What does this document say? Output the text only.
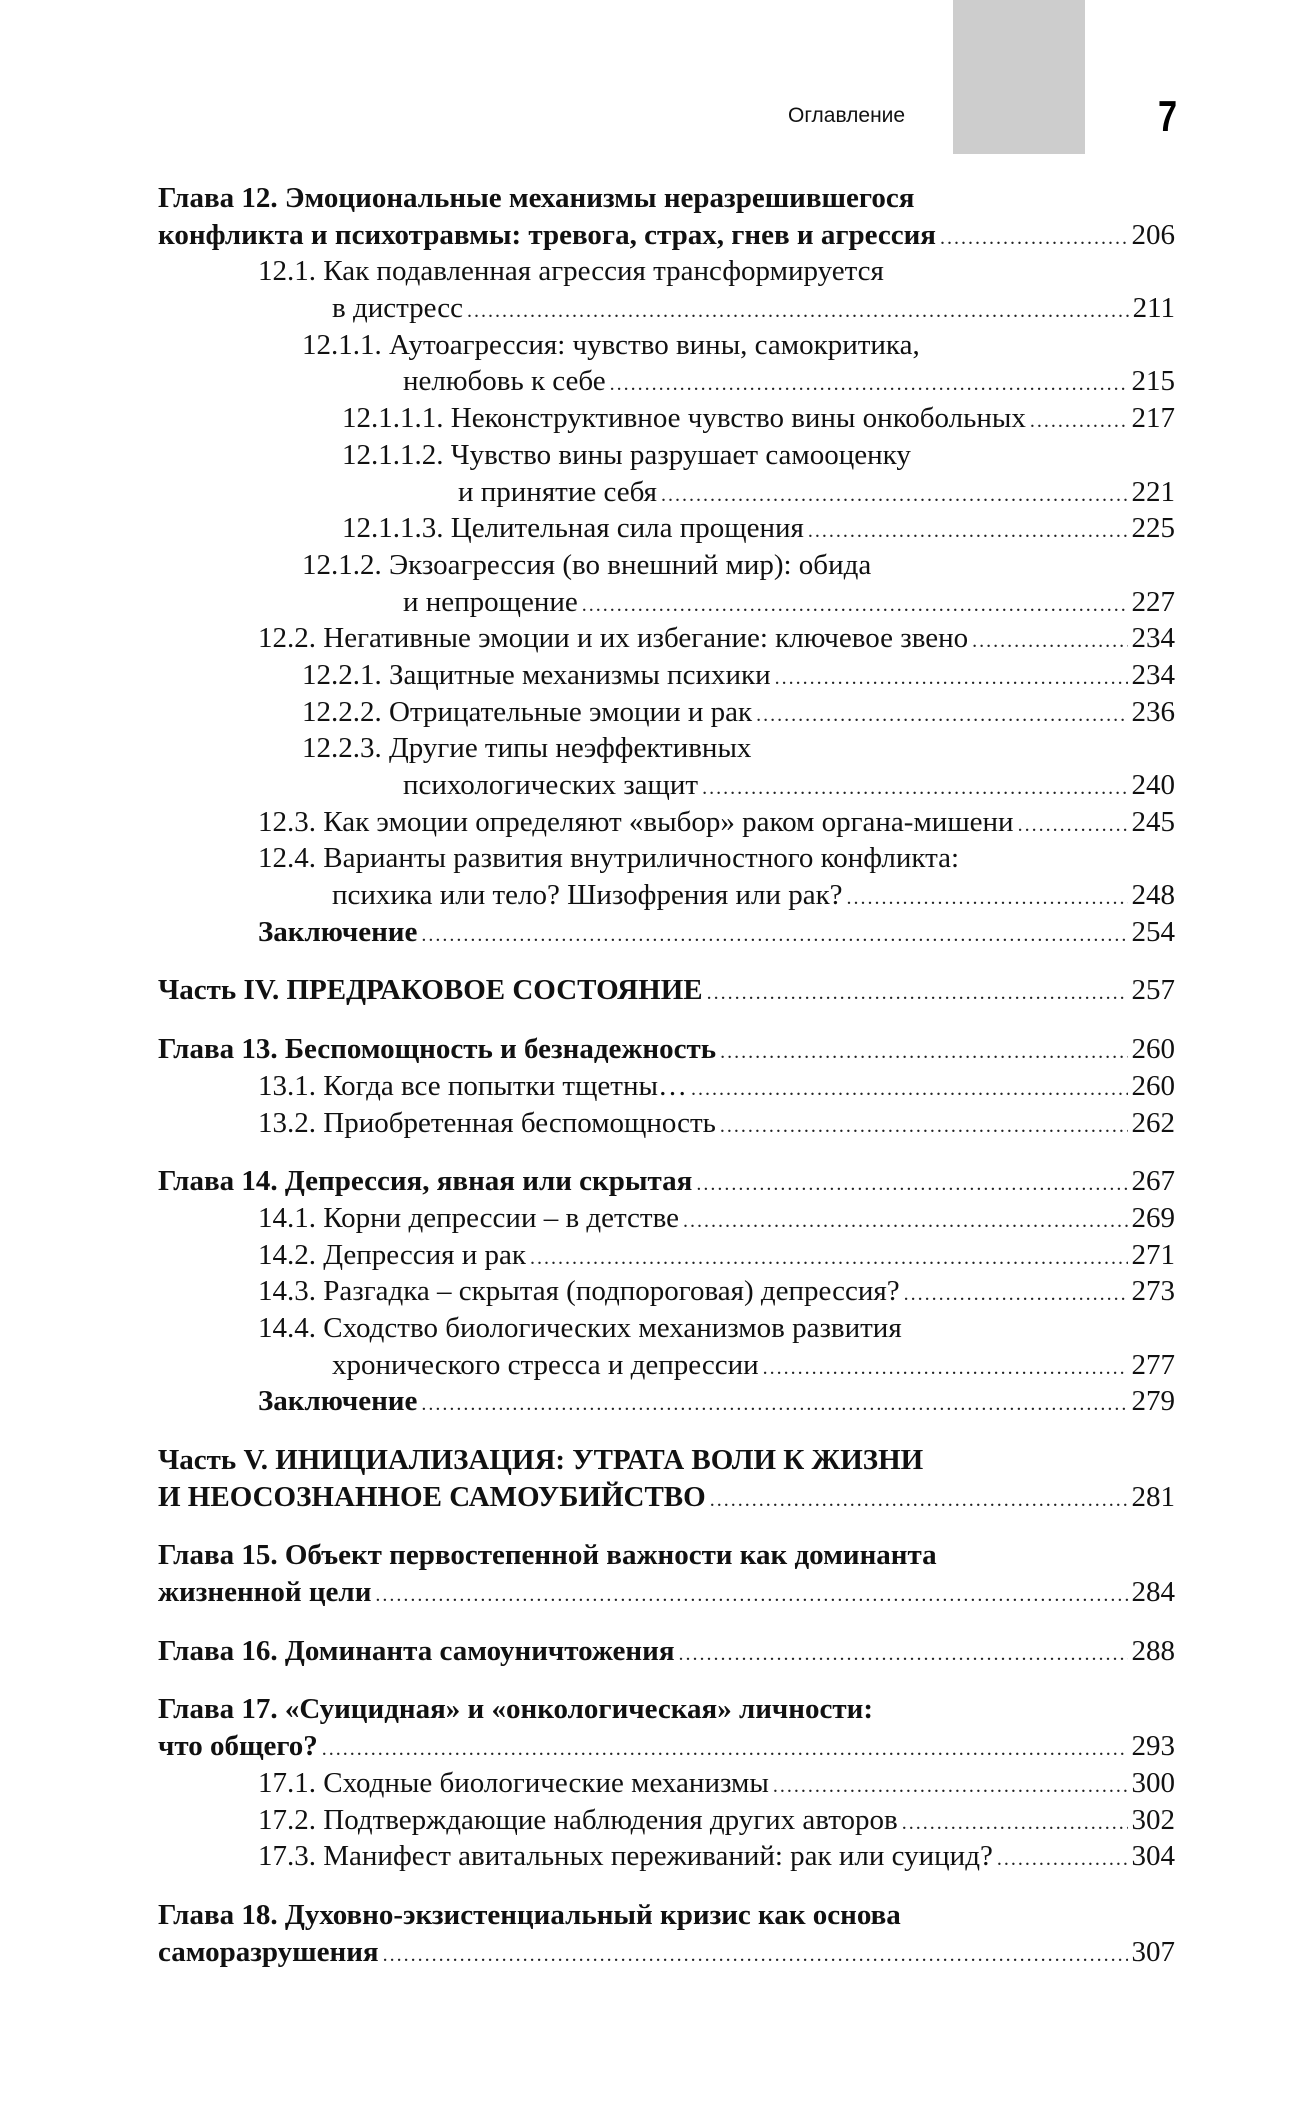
Оглавление	7
Глава 12. Эмоциональные механизмы неразрешившегося
конфликта и психотравмы: тревога, страх, гнев и агрессия .....	206
12.1. Как подавленная агрессия трансформируется
в дистресс .....	211
12.1.1. Аутоагрессия: чувство вины, самокритика,
нелюбовь к себе .....	215
12.1.1.1. Неконструктивное чувство вины онкобольных .....	217
12.1.1.2. Чувство вины разрушает самооценку
и принятие себя .....	221
12.1.1.3. Целительная сила прощения .....	225
12.1.2. Экзоагрессия (во внешний мир): обида
и непрощение .....	227
12.2. Негативные эмоции и их избегание: ключевое звено .....	234
12.2.1. Защитные механизмы психики .....	234
12.2.2. Отрицательные эмоции и рак .....	236
12.2.3. Другие типы неэффективных
психологических защит .....	240
12.3. Как эмоции определяют «выбор» раком органа-мишени .....	245
12.4. Варианты развития внутриличностного конфликта:
психика или тело? Шизофрения или рак? .....	248
Заключение .....	254
Часть IV. ПРЕДРАКОВОЕ СОСТОЯНИЕ .....	257
Глава 13. Беспомощность и безнадежность .....	260
13.1. Когда все попытки тщетны… .....	260
13.2. Приобретенная беспомощность .....	262
Глава 14. Депрессия, явная или скрытая .....	267
14.1. Корни депрессии – в детстве .....	269
14.2. Депрессия и рак .....	271
14.3. Разгадка – скрытая (подпороговая) депрессия? .....	273
14.4. Сходство биологических механизмов развития
хронического стресса и депрессии .....	277
Заключение .....	279
Часть V. ИНИЦИАЛИЗАЦИЯ: УТРАТА ВОЛИ К ЖИЗНИ
И НЕОСОЗНАННОЕ САМОУБИЙСТВО .....	281
Глава 15. Объект первостепенной важности как доминанта
жизненной цели .....	284
Глава 16. Доминанта самоуничтожения .....	288
Глава 17. «Суицидная» и «онкологическая» личности:
что общего? .....	293
17.1. Сходные биологические механизмы .....	300
17.2. Подтверждающие наблюдения других авторов .....	302
17.3. Манифест авитальных переживаний: рак или суицид? .....	304
Глава 18. Духовно-экзистенциальный кризис как основа
саморазрушения .....	307
